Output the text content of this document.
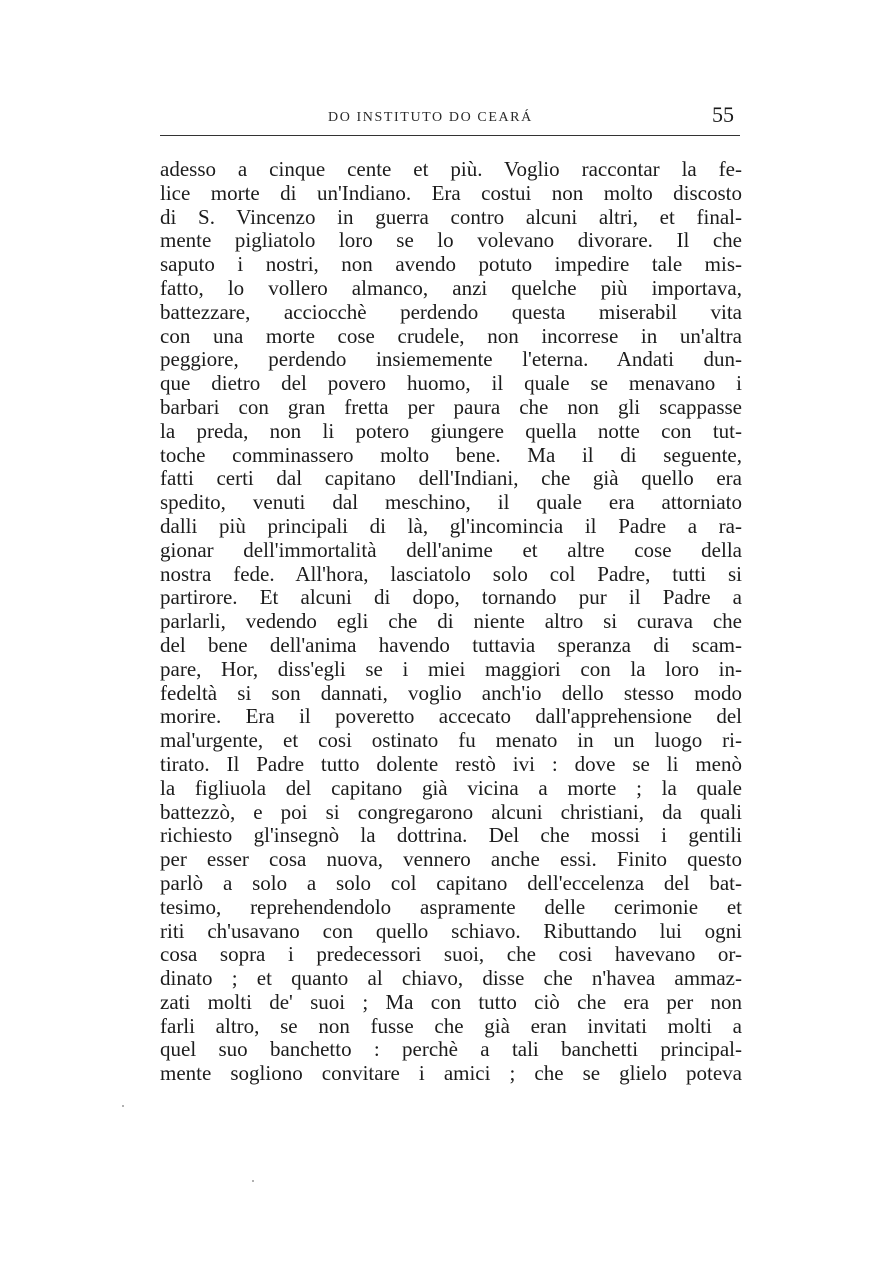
DO INSTITUTO DO CEARÁ	55
adesso a cinque cente et più. Voglio raccontar la fe-
lice morte di un'Indiano. Era costui non molto discosto
di S. Vincenzo in guerra contro alcuni altri, et final-
mente pigliatolo loro se lo volevano divorare. Il che
saputo i nostri, non avendo potuto impedire tale mis-
fatto, lo vollero almanco, anzi quelche più importava,
battezzare, acciocchè perdendo questa miserabil vita
con una morte cose crudele, non incorrese in un'altra
peggiore, perdendo insiememente l'eterna. Andati dun-
que dietro del povero huomo, il quale se menavano i
barbari con gran fretta per paura che non gli scappasse
la preda, non li potero giungere quella notte con tut-
toche comminassero molto bene. Ma il di seguente,
fatti certi dal capitano dell'Indiani, che già quello era
spedito, venuti dal meschino, il quale era attorniato
dalli più principali di là, gl'incomincia il Padre a ra-
gionar dell'immortalità dell'anime et altre cose della
nostra fede. All'hora, lasciatolo solo col Padre, tutti si
partirore. Et alcuni di dopo, tornando pur il Padre a
parlarli, vedendo egli che di niente altro si curava che
del bene dell'anima havendo tuttavia speranza di scam-
pare, Hor, diss'egli se i miei maggiori con la loro in-
fedeltà si son dannati, voglio anch'io dello stesso modo
morire. Era il poveretto accecato dall'apprehensione del
mal'urgente, et cosi ostinato fu menato in un luogo ri-
tirato. Il Padre tutto dolente restò ivi : dove se li menò
la figliuola del capitano già vicina a morte ; la quale
battezzò, e poi si congregarono alcuni christiani, da quali
richiesto gl'insegnò la dottrina. Del che mossi i gentili
per esser cosa nuova, vennero anche essi. Finito questo
parlò a solo a solo col capitano dell'eccelenza del bat-
tesimo, reprehendendolo aspramente delle cerimonie et
riti ch'usavano con quello schiavo. Ributtando lui ogni
cosa sopra i predecessori suoi, che cosi havevano or-
dinato ; et quanto al chiavo, disse che n'havea ammaz-
zati molti de' suoi ; Ma con tutto ciò che era per non
farli altro, se non fusse che già eran invitati molti a
quel suo banchetto : perchè a tali banchetti principal-
mente sogliono convitare i amici ; che se glielo poteva
